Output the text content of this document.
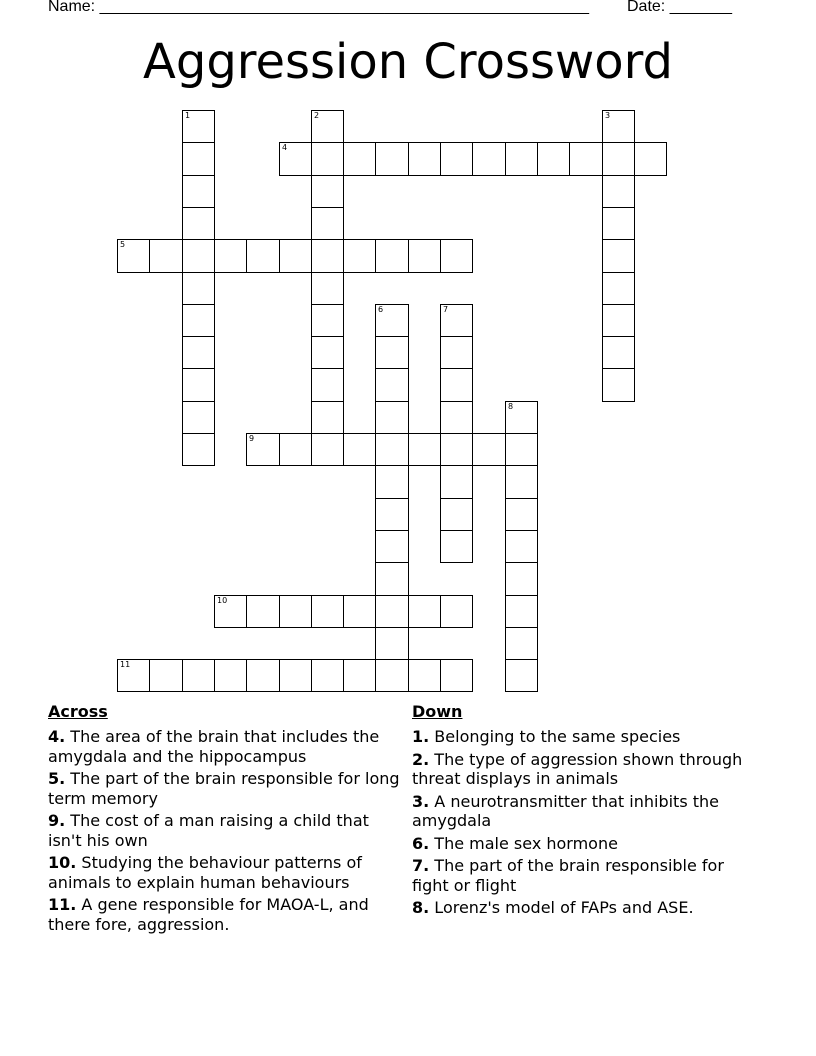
Name: _______________________________________________________ Date: _______
Aggression Crossword
1	2	3
4
5
6	7
8
9
10
11
Across
4. The area of the brain that includes the amygdala and the hippocampus
5. The part of the brain responsible for long term memory
9. The cost of a man raising a child that isn't his own
10. Studying the behaviour patterns of animals to explain human behaviours
11. A gene responsible for MAOA-L, and there fore, aggression.
Down
1. Belonging to the same species
2. The type of aggression shown through threat displays in animals
3. A neurotransmitter that inhibits the amygdala
6. The male sex hormone
7. The part of the brain responsible for fight or flight
8. Lorenz's model of FAPs and ASE.
